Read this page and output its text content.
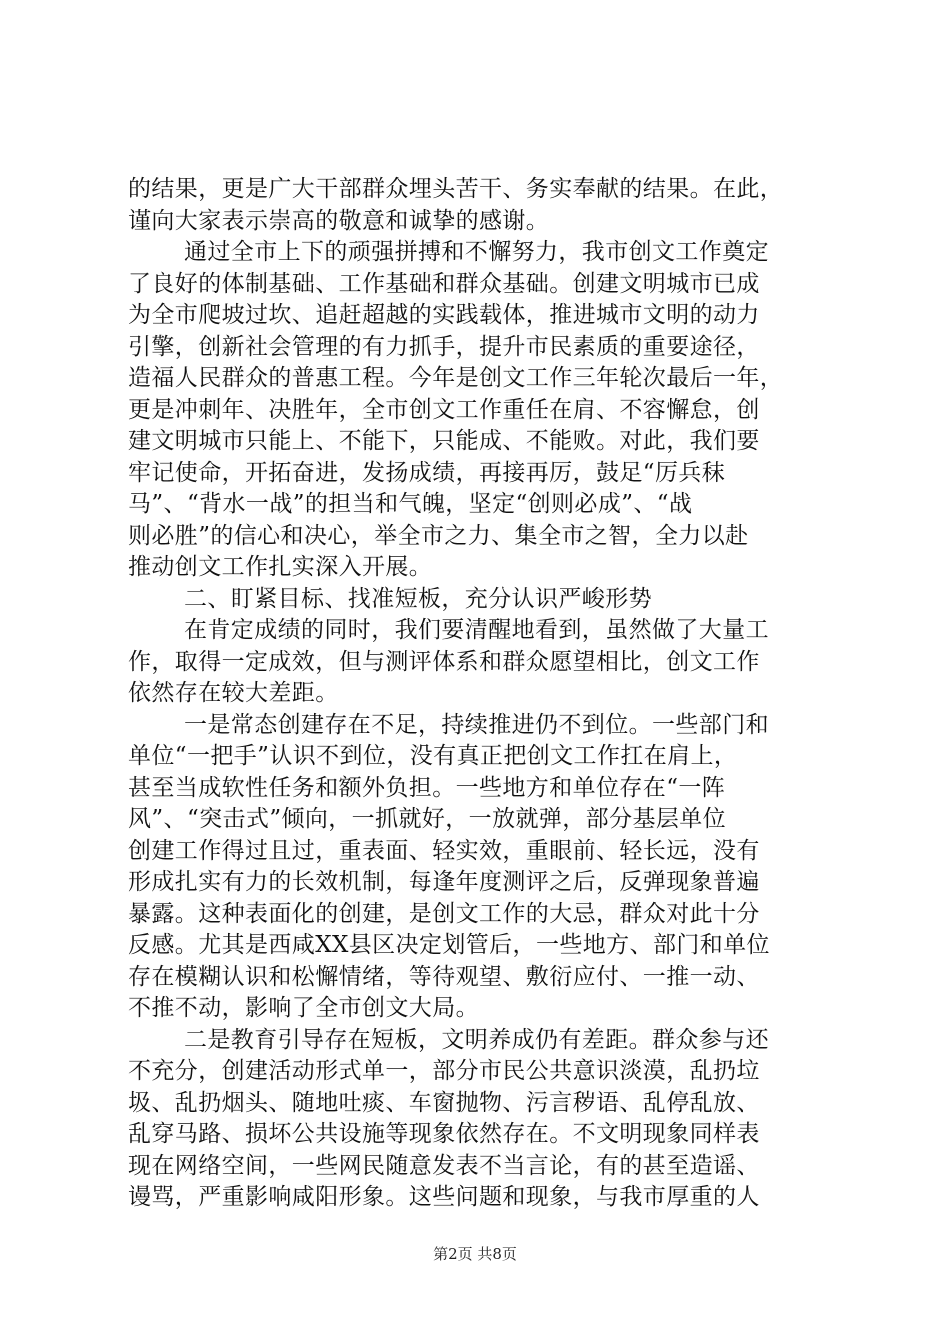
的结果，更是广大干部群众埋头苦干、务实奉献的结果。在此，
谨向大家表示崇高的敬意和诚挚的感谢。
通过全市上下的顽强拼搏和不懈努力，我市创文工作奠定
了良好的体制基础、工作基础和群众基础。创建文明城市已成
为全市爬坡过坎、追赶超越的实践载体，推进城市文明的动力
引擎，创新社会管理的有力抓手，提升市民素质的重要途径，
造福人民群众的普惠工程。今年是创文工作三年轮次最后一年，
更是冲刺年、决胜年，全市创文工作重任在肩、不容懈怠，创
建文明城市只能上、不能下，只能成、不能败。对此，我们要
牢记使命，开拓奋进，发扬成绩，再接再厉，鼓足“厉兵秣
马”、“背水一战”的担当和气魄，坚定“创则必成”、“战
则必胜”的信心和决心，举全市之力、集全市之智，全力以赴
推动创文工作扎实深入开展。
二、盯紧目标、找准短板，充分认识严峻形势
在肯定成绩的同时，我们要清醒地看到，虽然做了大量工
作，取得一定成效，但与测评体系和群众愿望相比，创文工作
依然存在较大差距。
一是常态创建存在不足，持续推进仍不到位。一些部门和
单位“一把手”认识不到位，没有真正把创文工作扛在肩上，
甚至当成软性任务和额外负担。一些地方和单位存在“一阵
风”、“突击式”倾向，一抓就好，一放就弹，部分基层单位
创建工作得过且过，重表面、轻实效，重眼前、轻长远，没有
形成扎实有力的长效机制，每逢年度测评之后，反弹现象普遍
暴露。这种表面化的创建，是创文工作的大忌，群众对此十分
反感。尤其是西咸XX县区决定划管后，一些地方、部门和单位
存在模糊认识和松懈情绪，等待观望、敷衍应付、一推一动、
不推不动，影响了全市创文大局。
二是教育引导存在短板，文明养成仍有差距。群众参与还
不充分，创建活动形式单一，部分市民公共意识淡漠，乱扔垃
圾、乱扔烟头、随地吐痰、车窗抛物、污言秽语、乱停乱放、
乱穿马路、损坏公共设施等现象依然存在。不文明现象同样表
现在网络空间，一些网民随意发表不当言论，有的甚至造谣、
谩骂，严重影响咸阳形象。这些问题和现象，与我市厚重的人
第2页 共8页
